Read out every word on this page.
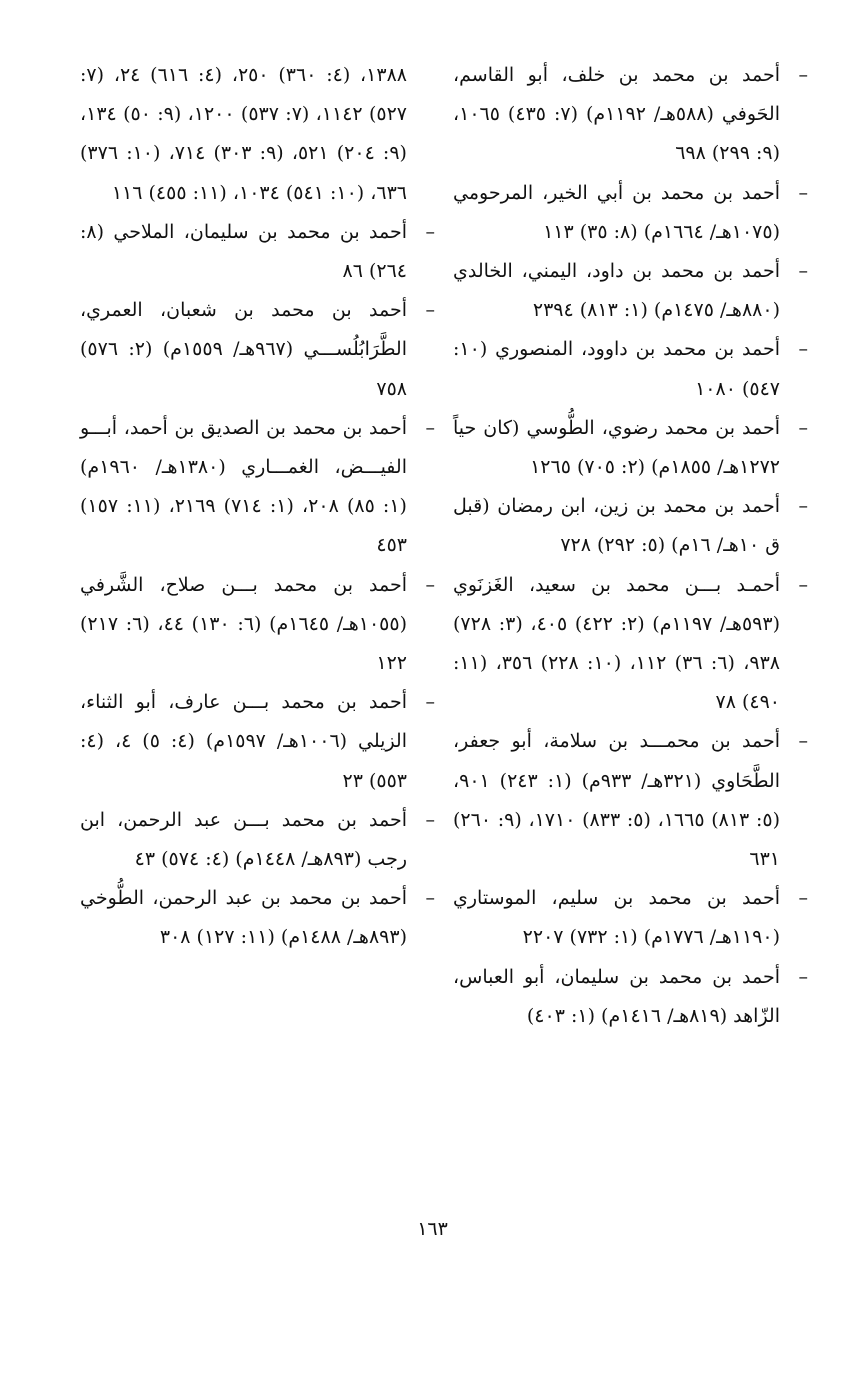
–
أحمد بن محمد بن خلف، أبو القاسم، الحَوفي (٥٨٨هـ/ ١١٩٢م) (٧: ٤٣٥) ١٠٦٥، (٩: ٢٩٩) ٦٩٨
–
أحمد بن محمد بن أبي الخير، المرحومي (١٠٧٥هـ/ ١٦٦٤م) (٨: ٣٥) ١١٣
–
أحمد بن محمد بن داود، اليمني، الخالدي (٨٨٠هـ/ ١٤٧٥م) (١: ٨١٣) ٢٣٩٤
–
أحمد بن محمد بن داوود، المنصوري (١٠: ٥٤٧) ١٠٨٠
–
أحمد بن محمد رضوي، الطُّوسي (كان حياً ١٢٧٢هـ/ ١٨٥٥م) (٢: ٧٠٥) ١٢٦٥
–
أحمد بن محمد بن زين، ابن رمضان (قبل ق ١٠هـ/ ١٦م) (٥: ٢٩٢) ٧٢٨
–
أحمـد بـــن محمد بن سعيد، الغَزنَوي (٥٩٣هـ/ ١١٩٧م) (٢: ٤٢٢) ٤٠٥، (٣: ٧٢٨) ٩٣٨، (٦: ٣٦) ١١٢، (١٠: ٢٢٨) ٣٥٦، (١١: ٤٩٠) ٧٨
–
أحمد بن محمـــد بن سلامة، أبو جعفر، الطَّحَاوي (٣٢١هـ/ ٩٣٣م) (١: ٢٤٣) ٩٠١، (٥: ٨١٣) ١٦٦٥، (٥: ٨٣٣) ١٧١٠، (٩: ٢٦٠) ٦٣١
–
أحمد بن محمد بن سليم، الموستاري (١١٩٠هـ/ ١٧٧٦م) (١: ٧٣٢) ٢٢٠٧
–
أحمد بن محمد بن سليمان، أبو العباس، الزّاهد (٨١٩هـ/ ١٤١٦م) (١: ٤٠٣)
١٣٨٨، (٤: ٣٦٠) ٢٥٠، (٤: ٦١٦) ٢٤، (٧: ٥٢٧) ١١٤٢، (٧: ٥٣٧) ١٢٠٠، (٩: ٥٠) ١٣٤، (٩: ٢٠٤) ٥٢١، (٩: ٣٠٣) ٧١٤، (١٠: ٣٧٦) ٦٣٦، (١٠: ٥٤١) ١٠٣٤، (١١: ٤٥٥) ١١٦
–
أحمد بن محمد بن سليمان، الملاحي (٨: ٢٦٤) ٨٦
–
أحمد بن محمد بن شعبان، العمري، الطَّرَابُلُســـي (٩٦٧هـ/ ١٥٥٩م) (٢: ٥٧٦) ٧٥٨
–
أحمد بن محمد بن الصديق بن أحمد، أبـــو الفيـــض، الغمـــاري (١٣٨٠هـ/ ١٩٦٠م) (١: ٨٥) ٢٠٨، (١: ٧١٤) ٢١٦٩، (١١: ١٥٧) ٤٥٣
–
أحمد بن محمد بـــن صلاح، الشَّرفي (١٠٥٥هـ/ ١٦٤٥م) (٦: ١٣٠) ٤٤، (٦: ٢١٧) ١٢٢
–
أحمد بن محمد بـــن عارف، أبو الثناء، الزيلي (١٠٠٦هـ/ ١٥٩٧م) (٤: ٥) ٤، (٤: ٥٥٣) ٢٣
–
أحمد بن محمد بـــن عبد الرحمن، ابن رجب (٨٩٣هـ/ ١٤٤٨م) (٤: ٥٧٤) ٤٣
–
أحمد بن محمد بن عبد الرحمن، الطُّوخي (٨٩٣هـ/ ١٤٨٨م) (١١: ١٢٧) ٣٠٨
١٦٣
